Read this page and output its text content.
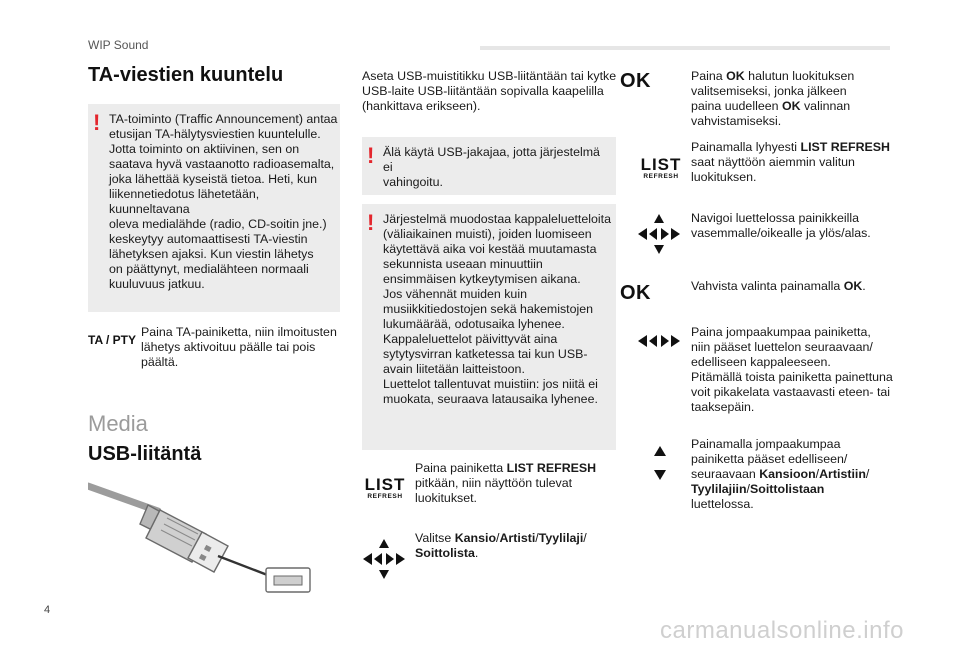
WIP Sound
TA-viestien kuuntelu
! TA-toiminto (Traffic Announcement) antaa
etusijan TA-hälytysviestien kuuntelulle.
Jotta toiminto on aktiivinen, sen on
saatava hyvä vastaanotto radioasemalta,
joka lähettää kyseistä tietoa. Heti, kun
liikennetiedotus lähetetään, kuunneltavana
oleva medialähde (radio, CD-soitin jne.)
keskeytyy automaattisesti TA-viestin
lähetyksen ajaksi. Kun viestin lähetys
on päättynyt, medialähteen normaali
kuuluvuus jatkuu.
TA / PTY
Paina TA-painiketta, niin ilmoitusten
lähetys aktivoituu päälle tai pois
päältä.
Media
USB-liitäntä
Aseta USB-muistitikku USB-liitäntään tai kytke
USB-laite USB-liitäntään sopivalla kaapelilla
(hankittava erikseen).
! Älä käytä USB-jakajaa, jotta järjestelmä ei
vahingoitu.
! Järjestelmä muodostaa kappaleluetteloita
(väliaikainen muisti), joiden luomiseen
käytettävä aika voi kestää muutamasta
sekunnista useaan minuuttiin
ensimmäisen kytkeytymisen aikana.
Jos vähennät muiden kuin
musiikkitiedostojen sekä hakemistojen
lukumäärää, odotusaika lyhenee.
Kappaleluettelot päivittyvät aina
sytytysvirran katketessa tai kun USB-
avain liitetään laitteistoon.
Luettelot tallentuvat muistiin: jos niitä ei
muokata, seuraava latausaika lyhenee.
LIST
REFRESH
Paina painiketta LIST REFRESH
pitkään, niin näyttöön tulevat
luokitukset.
Valitse Kansio/Artisti/Tyylilaji/
Soittolista.
OK	Paina OK halutun luokituksen
valitsemiseksi, jonka jälkeen
paina uudelleen OK valinnan
vahvistamiseksi.
LIST
REFRESH
Painamalla lyhyesti LIST REFRESH
saat näyttöön aiemmin valitun
luokituksen.
Navigoi luettelossa painikkeilla
vasemmalle/oikealle ja ylös/alas.
OK	Vahvista valinta painamalla OK.
Paina jompaakumpaa painiketta,
niin pääset luettelon seuraavaan/
edelliseen kappaleeseen.
Pitämällä toista painiketta painettuna
voit pikakelata vastaavasti eteen- tai
taaksepäin.
Painamalla jompaakumpaa
painiketta pääset edelliseen/
seuraavaan Kansioon/Artistiin/
Tyylilajiin/Soittolistaan
luettelossa.
4
carmanualsonline.info
